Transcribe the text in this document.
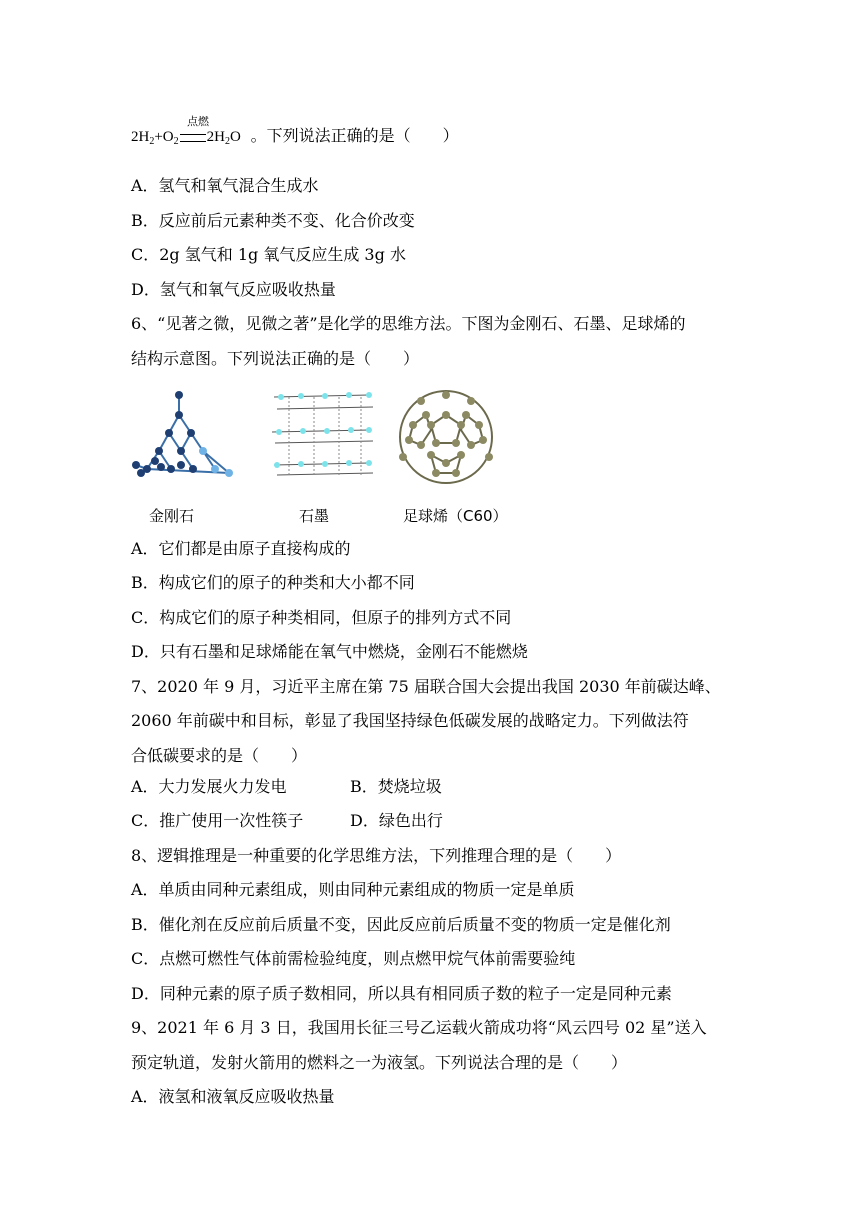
$2H_2+O_2$ $2H_2O$
点燃
。下列说法正确的是（　　）
A．氢气和氧气混合生成水
B．反应前后元素种类不变、化合价改变
C．2g 氢气和 1g 氧气反应生成 3g 水
D．氢气和氧气反应吸收热量
6、“见著之微，见微之著”是化学的思维方法。下图为金刚石、石墨、足球烯的
结构示意图。下列说法正确的是（　　）
金刚石	石墨	足球烯（C60）
A．它们都是由原子直接构成的
B．构成它们的原子的种类和大小都不同
C．构成它们的原子种类相同，但原子的排列方式不同
D．只有石墨和足球烯能在氧气中燃烧，金刚石不能燃烧
7、2020 年 9 月，习近平主席在第 75 届联合国大会提出我国 2030 年前碳达峰、
2060 年前碳中和目标，彰显了我国坚持绿色低碳发展的战略定力。下列做法符
合低碳要求的是（　　）
A．大力发展火力发电	B．焚烧垃圾
C．推广使用一次性筷子	D．绿色出行
8、逻辑推理是一种重要的化学思维方法，下列推理合理的是（　　）
A．单质由同种元素组成，则由同种元素组成的物质一定是单质
B．催化剂在反应前后质量不变，因此反应前后质量不变的物质一定是催化剂
C．点燃可燃性气体前需检验纯度，则点燃甲烷气体前需要验纯
D．同种元素的原子质子数相同，所以具有相同质子数的粒子一定是同种元素
9、2021 年 6 月 3 日，我国用长征三号乙运载火箭成功将“风云四号 02 星”送入
预定轨道，发射火箭用的燃料之一为液氢。下列说法合理的是（　　）
A．液氢和液氧反应吸收热量
